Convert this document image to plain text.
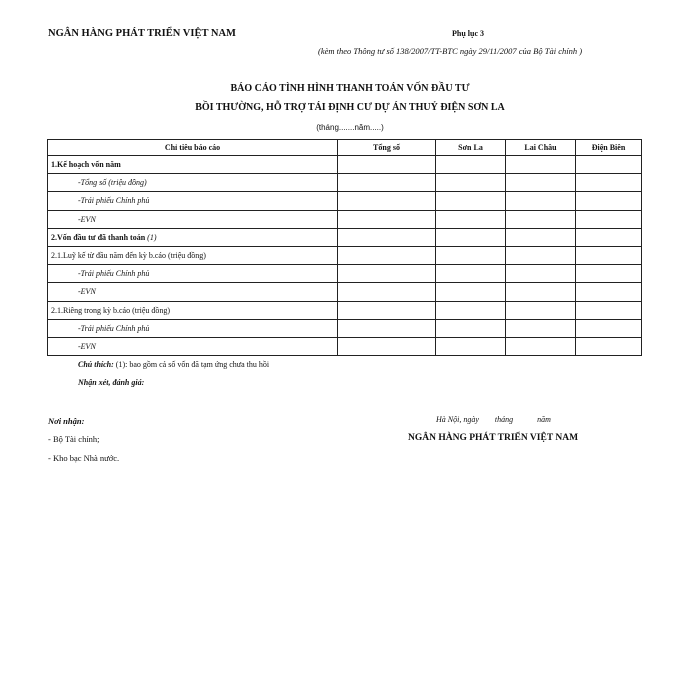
NGÂN HÀNG PHÁT TRIỂN VIỆT NAM	Phụ lục 3
(kèm theo Thông tư số 138/2007/TT-BTC ngày 29/11/2007 của Bộ Tài chính )
BÁO CÁO TÌNH HÌNH THANH TOÁN VỐN ĐẦU TƯ
BỒI THƯỜNG, HỖ TRỢ TÁI ĐỊNH CƯ DỰ ÁN THUỶ ĐIỆN SƠN LA
(tháng.......năm.....)
Chỉ tiêu báo cáo	Tổng số	Sơn La	Lai Châu	Điện Biên
1.Kế hoạch vốn năm				
-Tổng số (triệu đồng)				
-Trái phiếu Chính phủ				
-EVN				
2.Vốn đầu tư đã thanh toán (1)				
2.1.Luỹ kế từ đầu năm đến kỳ b.cáo (triệu đồng)				
-Trái phiếu Chính phủ				
-EVN				
2.1.Riêng trong kỳ b.cáo (triệu đồng)				
-Trái phiếu Chính phủ				
-EVN				
Chú thích: (1): bao gồm cả số vốn đã tạm ứng chưa thu hồi
Nhận xét, đánh giá:
Nơi nhận:
- Bộ Tài chính;
- Kho bạc Nhà nước.
Hà Nội, ngày tháng	năm
NGÂN HÀNG PHÁT TRIỂN VIỆT NAM
